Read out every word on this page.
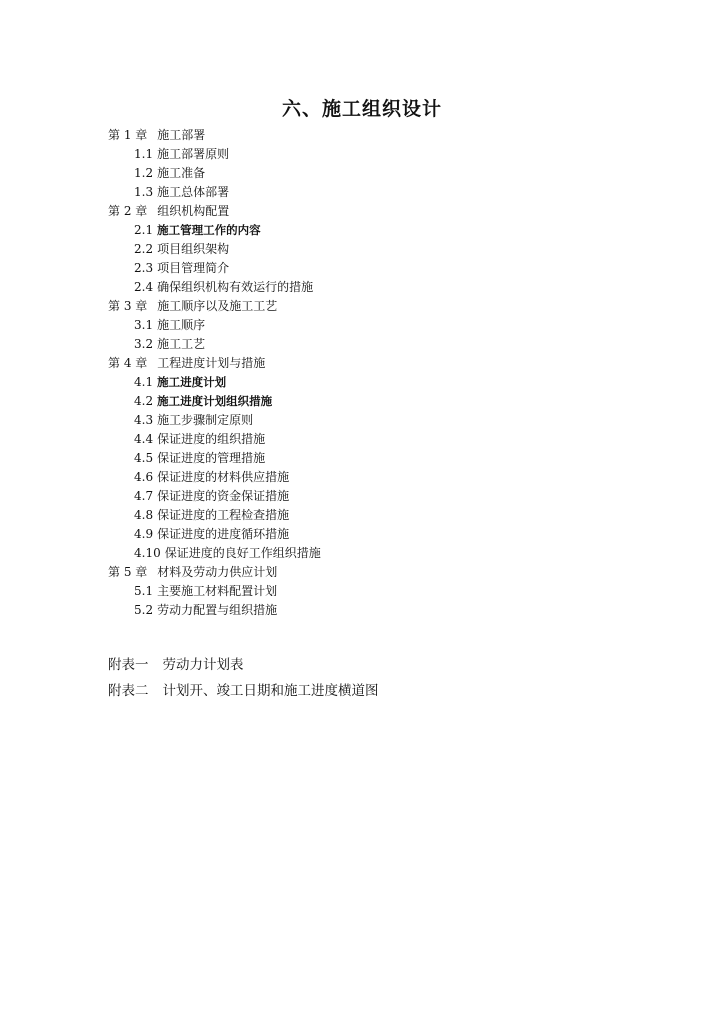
六、施工组织设计
第 1 章 施工部署
1.1 施工部署原则
1.2 施工准备
1.3 施工总体部署
第 2 章 组织机构配置
2.1 施工管理工作的内容
2.2 项目组织架构
2.3 项目管理简介
2.4 确保组织机构有效运行的措施
第 3 章 施工顺序以及施工工艺
3.1 施工顺序
3.2 施工工艺
第 4 章 工程进度计划与措施
4.1 施工进度计划
4.2 施工进度计划组织措施
4.3 施工步骤制定原则
4.4 保证进度的组织措施
4.5 保证进度的管理措施
4.6 保证进度的材料供应措施
4.7 保证进度的资金保证措施
4.8 保证进度的工程检查措施
4.9 保证进度的进度循环措施
4.10 保证进度的良好工作组织措施
第 5 章 材料及劳动力供应计划
5.1 主要施工材料配置计划
5.2 劳动力配置与组织措施
附表一 劳动力计划表
附表二 计划开、竣工日期和施工进度横道图
